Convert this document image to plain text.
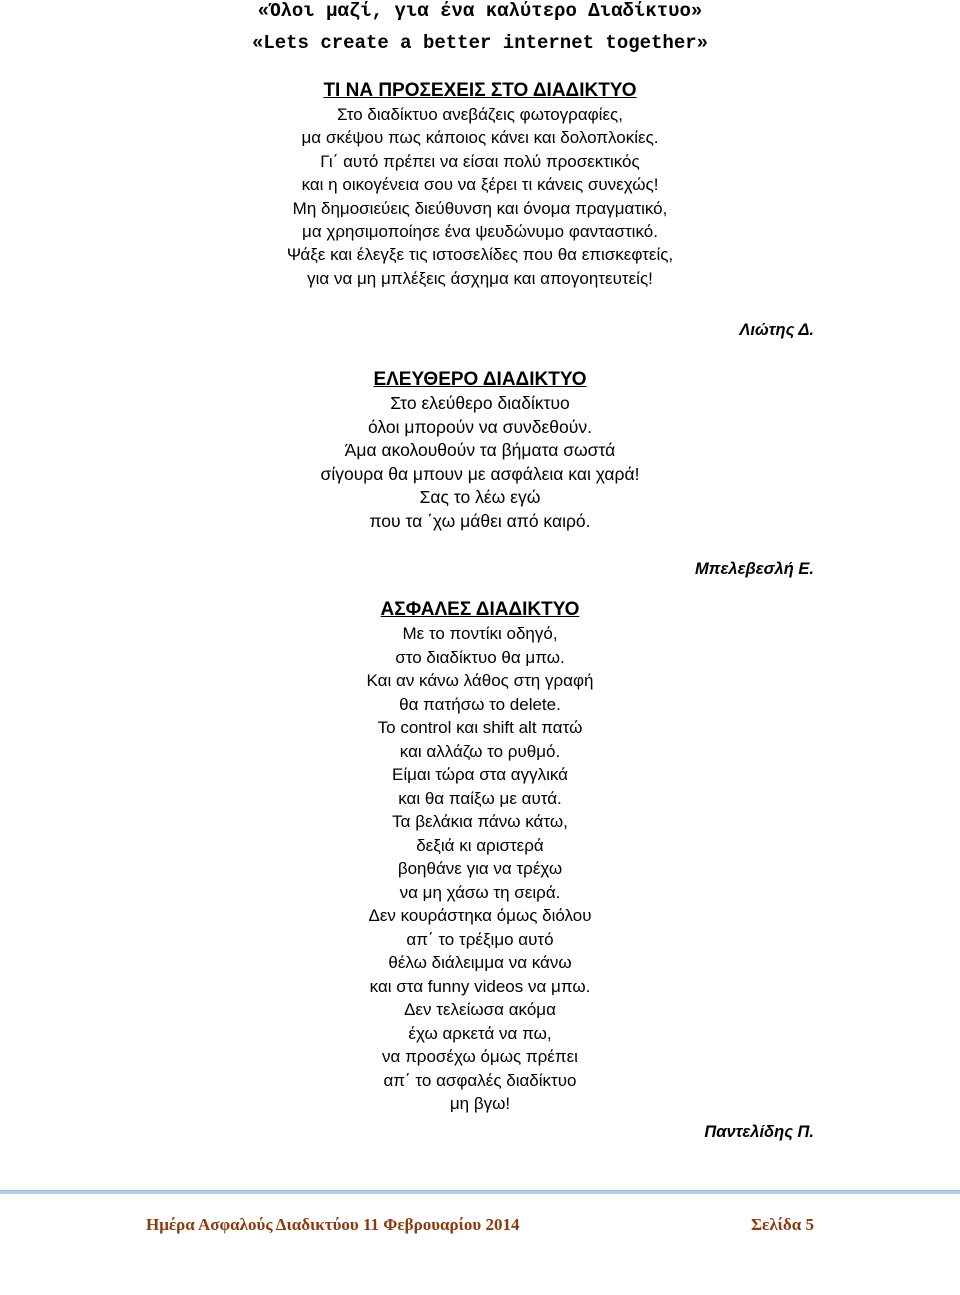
«Όλοι μαζί, για ένα καλύτερο Διαδίκτυο»
«Lets create a better internet together»
ΤΙ ΝΑ ΠΡΟΣΕΧΕΙΣ ΣΤΟ ΔΙΑΔΙΚΤΥΟ
Στο διαδίκτυο ανεβάζεις φωτογραφίες,
μα σκέψου πως κάποιος κάνει και δολοπλοκίες.
Γι΄ αυτό πρέπει να είσαι πολύ προσεκτικός
και η οικογένεια σου να ξέρει τι κάνεις συνεχώς!
Μη δημοσιεύεις διεύθυνση και όνομα πραγματικό,
μα χρησιμοποίησε ένα ψευδώνυμο φανταστικό.
Ψάξε και έλεγξε τις ιστοσελίδες που θα επισκεφτείς,
για να μη μπλέξεις άσχημα και απογοητευτείς!
Λιώτης Δ.
ΕΛΕΥΘΕΡΟ ΔΙΑΔΙΚΤΥΟ
Στο ελεύθερο διαδίκτυο
όλοι μπορούν να συνδεθούν.
Άμα ακολουθούν τα βήματα σωστά
σίγουρα θα μπουν με ασφάλεια και χαρά!
Σας το λέω εγώ
που τα ΄χω μάθει από καιρό.
Μπελεβεσλή Ε.
ΑΣΦΑΛΕΣ ΔΙΑΔΙΚΤΥΟ
Με το ποντίκι οδηγό,
στο διαδίκτυο θα μπω.
Και αν κάνω λάθος στη γραφή
θα πατήσω το delete.
Το control και shift alt πατώ
και αλλάζω το ρυθμό.
Είμαι τώρα στα αγγλικά
και θα παίξω με αυτά.
Τα βελάκια πάνω κάτω,
δεξιά κι αριστερά
βοηθάνε για να τρέχω
να μη χάσω τη σειρά.
Δεν κουράστηκα όμως διόλου
απ΄ το τρέξιμο αυτό
θέλω διάλειμμα να κάνω
και στα funny videos να μπω.
Δεν τελείωσα ακόμα
έχω αρκετά να πω,
να προσέχω όμως πρέπει
απ΄ το ασφαλές διαδίκτυο
μη βγω!
Παντελίδης Π.
Ημέρα Ασφαλούς Διαδικτύου 11 Φεβρουαρίου 2014	Σελίδα 5
